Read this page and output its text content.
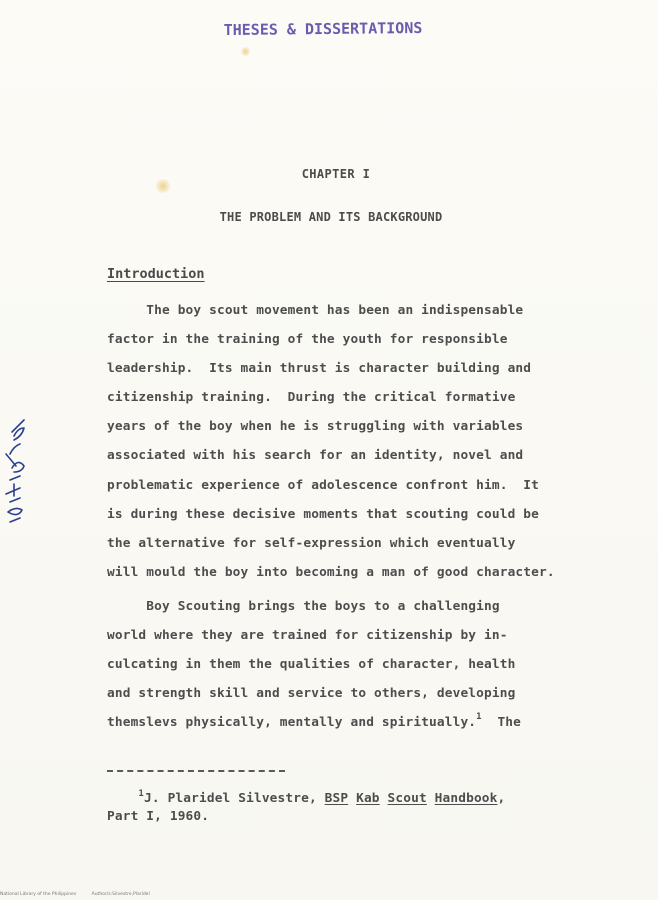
THESES & DISSERTATIONS
CHAPTER I
THE PROBLEM AND ITS BACKGROUND
Introduction
The boy scout movement has been an indispensable
factor in the training of the youth for responsible
leadership.  Its main thrust is character building and
citizenship training.  During the critical formative
years of the boy when he is struggling with variables
associated with his search for an identity, novel and
problematic experience of adolescence confront him.  It
is during these decisive moments that scouting could be
the alternative for self-expression which eventually
will mould the boy into becoming a man of good character.
Boy Scouting brings the boys to a challenging
world where they are trained for citizenship by in-
culcating in them the qualities of character, health
and strength skill and service to others, developing
themslevs physically, mentally and spiritually.$^1$  The
$^1$J. Plaridel Silvestre, BSP Kab Scout Handbook,
Part I, 1960.
National Library of the Philippines	Author/s:Silvestre,Plaridel
